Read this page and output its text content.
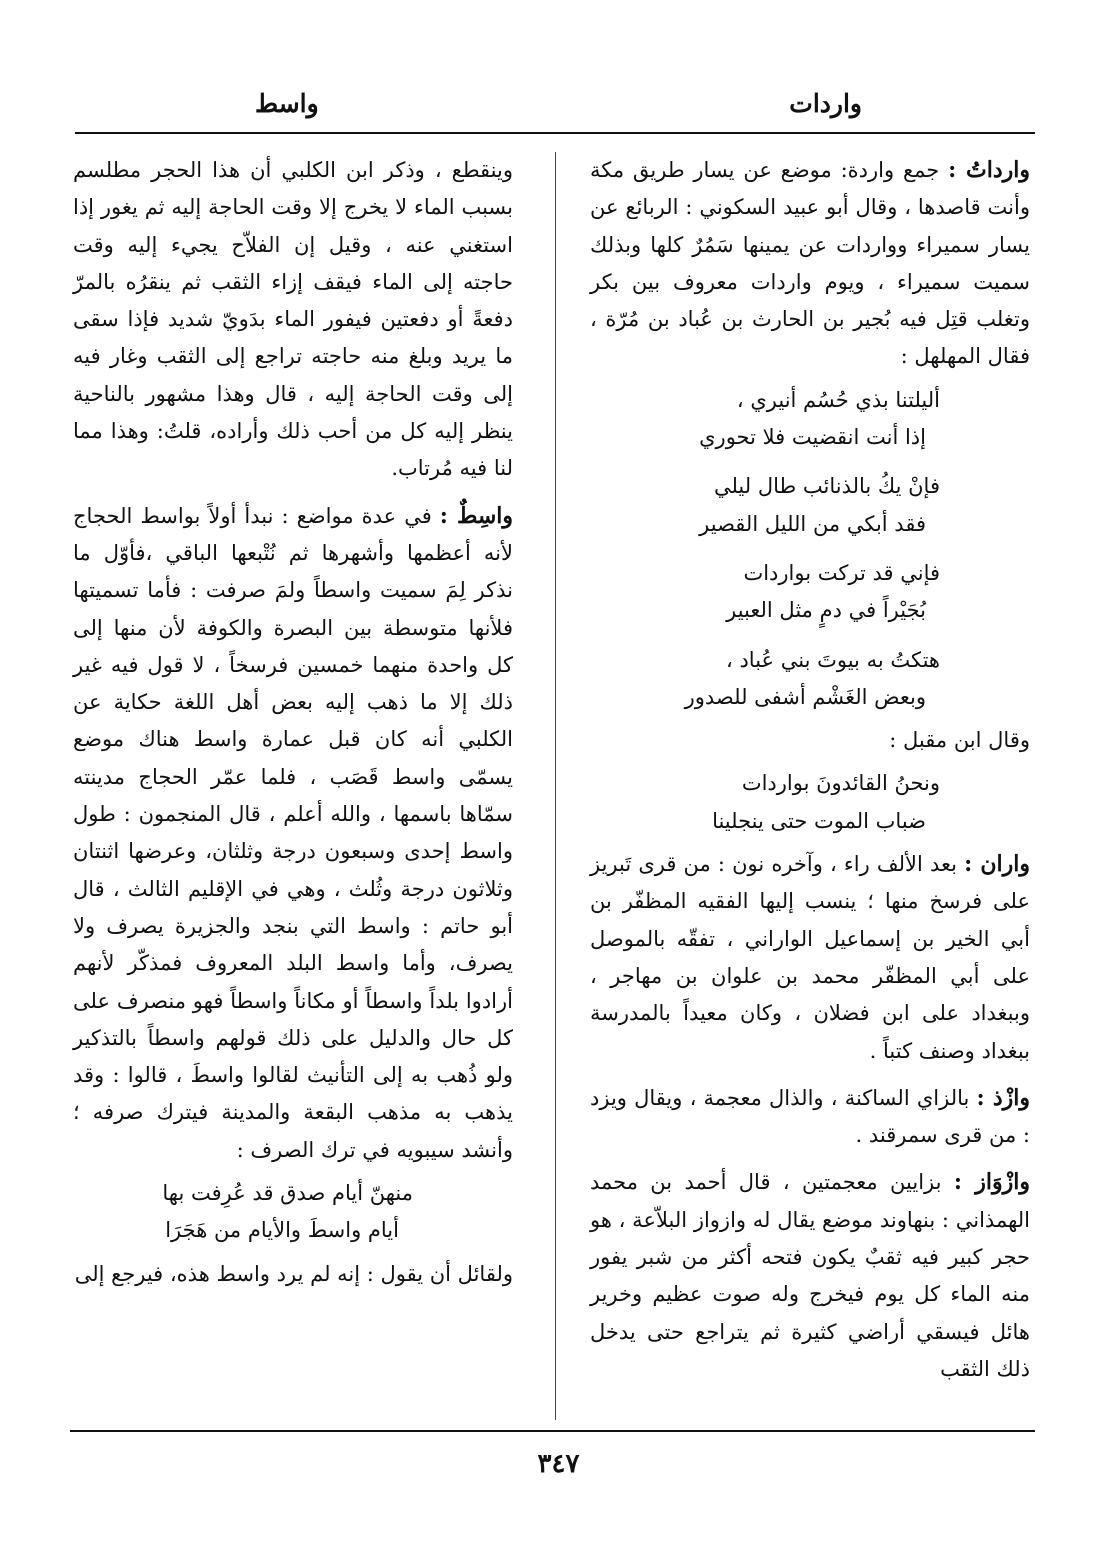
واردات
واسط

وارداتُ : جمع واردة: موضع عن يسار طريق مكة وأنت قاصدها ، وقال أبو عبيد السكوني : الربائع عن يسار سميراء وواردات عن يمينها سَمُرٌ كلها وبذلك سميت سميراء ، ويوم واردات معروف بين بكر وتغلب قتِل فيه بُجير بن الحارث بن عُباد بن مُرّة ، فقال المهلهل :

أليلتنا بذي حُسُم أنيري ،
إذا أنت انقضيت فلا تحوري
فإنْ يكُ بالذنائب طال ليلي
فقد أبكي من الليل القصير
فإني قد تركت بواردات
بُجَيْراً في دمٍ مثل العبير
هتكتُ به بيوتَ بني عُباد ،
وبعض الغَشْم أشفى للصدور

وقال ابن مقبل :

ونحنُ القائدونَ بواردات
ضباب الموت حتى ينجلينا

واران : بعد الألف راء ، وآخره نون : من قرى تَبريز على فرسخ منها ؛ ينسب إليها الفقيه المظفّر بن أبي الخير بن إسماعيل الواراني ، تفقّه بالموصل على أبي المظفّر محمد بن علوان بن مهاجر ، وببغداد على ابن فضلان ، وكان معيداً بالمدرسة ببغداد وصنف كتباً .

وازْذ : بالزاي الساكنة ، والذال معجمة ، ويقال ويزد : من قرى سمرقند .

وازْوَاز : بزايين معجمتين ، قال أحمد بن محمد الهمذاني : بنهاوند موضع يقال له وازواز البلاّعة ، هو حجر كبير فيه ثقبٌ يكون فتحه أكثر من شبر يفور منه الماء كل يوم فيخرج وله صوت عظيم وخرير هائل فيسقي أراضي كثيرة ثم يتراجع حتى يدخل ذلك الثقب

وينقطع ، وذكر ابن الكلبي أن هذا الحجر مطلسم بسبب الماء لا يخرج إلا وقت الحاجة إليه ثم يغور إذا استغني عنه ، وقيل إن الفلاّح يجيء إليه وقت حاجته إلى الماء فيقف إزاء الثقب ثم ينقرُه بالمرّ دفعةً أو دفعتين فيفور الماء بدَويّ شديد فإذا سقى ما يريد وبلغ منه حاجته تراجع إلى الثقب وغار فيه إلى وقت الحاجة إليه ، قال وهذا مشهور بالناحية ينظر إليه كل من أحب ذلك وأراده، قلتُ: وهذا مما لنا فيه مُرتاب.

واسِطٌ : في عدة مواضع : نبدأ أولاً بواسط الحجاج لأنه أعظمها وأشهرها ثم نُتْبعها الباقي ،فأوّل ما نذكر لِمَ سميت واسطاً ولمَ صرفت : فأما تسميتها فلأنها متوسطة بين البصرة والكوفة لأن منها إلى كل واحدة منهما خمسين فرسخاً ، لا قول فيه غير ذلك إلا ما ذهب إليه بعض أهل اللغة حكاية عن الكلبي أنه كان قبل عمارة واسط هناك موضع يسمّى واسط قَصَب ، فلما عمّر الحجاج مدينته سمّاها باسمها ، والله أعلم ، قال المنجمون : طول واسط إحدى وسبعون درجة وثلثان، وعرضها اثنتان وثلاثون درجة وثُلث ، وهي في الإقليم الثالث ، قال أبو حاتم : واسط التي بنجد والجزيرة يصرف ولا يصرف، وأما واسط البلد المعروف فمذكّر لأنهم أرادوا بلداً واسطاً أو مكاناً واسطاً فهو منصرف على كل حال والدليل على ذلك قولهم واسطاً بالتذكير ولو ذُهب به إلى التأنيث لقالوا واسطَ ، قالوا : وقد يذهب به مذهب البقعة والمدينة فيترك صرفه ؛ وأنشد سيبويه في ترك الصرف :

منهنّ أيام صدق قد عُرِفت بها
أيام واسطَ والأيام من هَجَرَا

ولقائل أن يقول : إنه لم يرد واسط هذه، فيرجع إلى

٣٤٧
